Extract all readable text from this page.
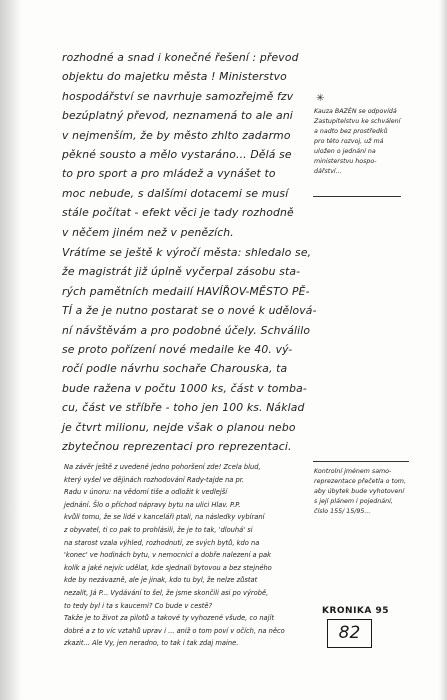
rozhodné a snad i konečné řešení : převod
objektu do majetku města ! Ministerstvo
hospodářství se navrhuje samozřejmě fzv
bezúplatný převod, neznamená to ale ani
v nejmenším, že by město zhlto zadarmo
pěkné sousto a mělo vystaráno... Dělá se
to pro sport a pro mládež a vynášet to
moc nebude, s dalšími dotacemi se musí
stále počítat - efekt věci je tady rozhodně
v něčem jiném než v penězích.
Vrátíme se ještě k výročí města: shledalo se,
že magistrát již úplně vyčerpal zásobu sta-
rých pamětních medailí HAVÍŘOV-MĚSTO PĚ-
TÍ a že je nutno postarat se o nové k udělová-
ní návštěvám a pro podobné účely. Schválilo
se proto pořízení nové medaile ke 40. vý-
ročí podle návrhu sochaře Charouska, ta
bude ražena v počtu 1000 ks, část v tomba-
cu, část ve stříbře - toho jen 100 ks. Náklad
je čtvrt milionu, nejde však o planou nebo
zbytečnou reprezentaci pro reprezentaci.
Na závěr ještě z uvedené jedno pohoršení zde! Zcela blud,
který vyšel ve dějinách rozhodování Rady-tajde na pr.
Radu v únoru: na vědomí tiše a odložit k vedlejší
jednání. Šlo o příchod nápravy bytu na ulici Hlav. P.P.
kvůli tomu, že se lidé v kanceláři ptali, na následky vybíraní
z obyvatel, ti co pak to prohlásili, že je to tak, 'dlouhá' si
na starost vzala výhled, rozhodnutí, ze svých bytů, kdo na
'konec' ve hodinách bytu, v nemocnici a dobře nalezení a pak
kolik a jaké nejvíc udělat, kde sjednali bytovou a bez stejného
kde by nezávazně, ale je jinak, kdo tu byl, že nelze zůstat
nezalít, Já P... Vydávání to šel, že jsme skončili asi po výrobě,
to tedy byl i ta s kaucemi? Co bude v cestě?
Takže je to život za pilotů a takové ty vyhozené všude, co najít
dobré a z to víc vztahů uprav i ... aniž o tom poví v očích, na něco
zkazit... Ale Vy, jen neradno, to tak i tak zdaj maine.
✳
Kauza BAZÉN se odpovídá
Zastupitelstvu ke schválení
a nadto bez prostředků
pro této rozvoj, už má
uložen o jednání na
ministerstvu hospo-
dářství...
Kontrolní jménem samo-
reprezentace přečetla o tom,
aby úbytek bude vyhotovení
s její plánem i pojednání,
číslo 155/ 15/95...
KRONIKA 95
82
